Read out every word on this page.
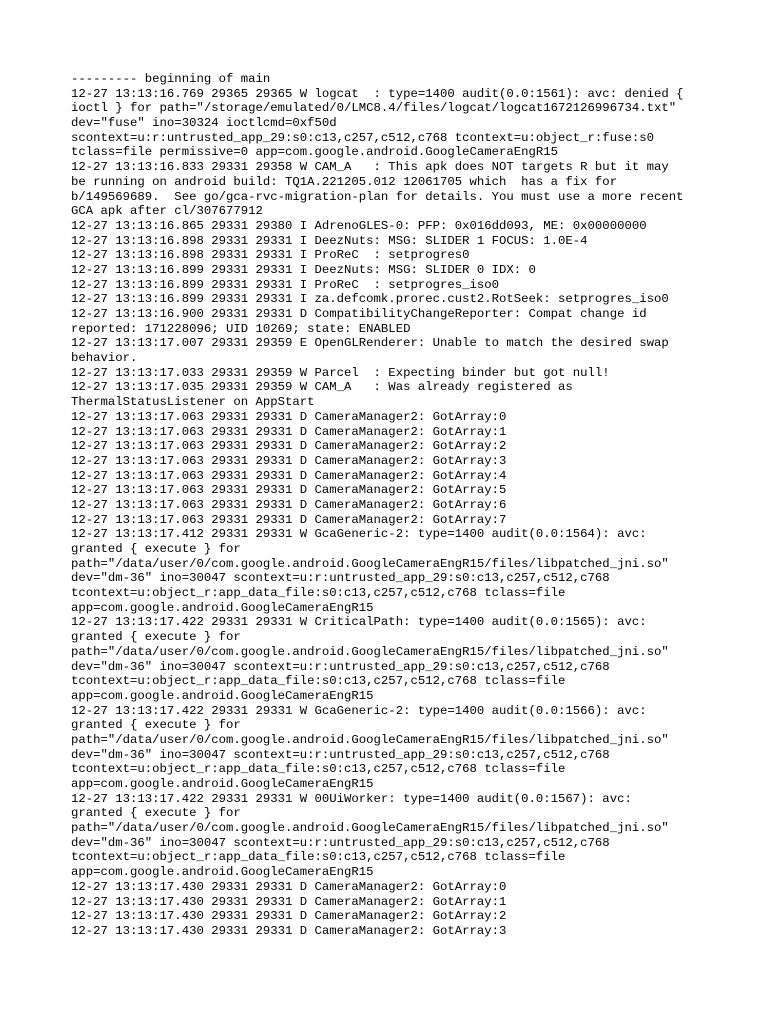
--------- beginning of main
12-27 13:13:16.769 29365 29365 W logcat  : type=1400 audit(0.0:1561): avc: denied {
ioctl } for path="/storage/emulated/0/LMC8.4/files/logcat/logcat1672126996734.txt"
dev="fuse" ino=30324 ioctlcmd=0xf50d
scontext=u:r:untrusted_app_29:s0:c13,c257,c512,c768 tcontext=u:object_r:fuse:s0
tclass=file permissive=0 app=com.google.android.GoogleCameraEngR15
12-27 13:13:16.833 29331 29358 W CAM_A   : This apk does NOT targets R but it may
be running on android build: TQ1A.221205.012 12061705 which  has a fix for
b/149569689.  See go/gca-rvc-migration-plan for details. You must use a more recent
GCA apk after cl/307677912
12-27 13:13:16.865 29331 29380 I AdrenoGLES-0: PFP: 0x016dd093, ME: 0x00000000
12-27 13:13:16.898 29331 29331 I DeezNuts: MSG: SLIDER 1 FOCUS: 1.0E-4
12-27 13:13:16.898 29331 29331 I ProReC  : setprogres0
12-27 13:13:16.899 29331 29331 I DeezNuts: MSG: SLIDER 0 IDX: 0
12-27 13:13:16.899 29331 29331 I ProReC  : setprogres_iso0
12-27 13:13:16.899 29331 29331 I za.defcomk.prorec.cust2.RotSeek: setprogres_iso0
12-27 13:13:16.900 29331 29331 D CompatibilityChangeReporter: Compat change id
reported: 171228096; UID 10269; state: ENABLED
12-27 13:13:17.007 29331 29359 E OpenGLRenderer: Unable to match the desired swap
behavior.
12-27 13:13:17.033 29331 29359 W Parcel  : Expecting binder but got null!
12-27 13:13:17.035 29331 29359 W CAM_A   : Was already registered as
ThermalStatusListener on AppStart
12-27 13:13:17.063 29331 29331 D CameraManager2: GotArray:0
12-27 13:13:17.063 29331 29331 D CameraManager2: GotArray:1
12-27 13:13:17.063 29331 29331 D CameraManager2: GotArray:2
12-27 13:13:17.063 29331 29331 D CameraManager2: GotArray:3
12-27 13:13:17.063 29331 29331 D CameraManager2: GotArray:4
12-27 13:13:17.063 29331 29331 D CameraManager2: GotArray:5
12-27 13:13:17.063 29331 29331 D CameraManager2: GotArray:6
12-27 13:13:17.063 29331 29331 D CameraManager2: GotArray:7
12-27 13:13:17.412 29331 29331 W GcaGeneric-2: type=1400 audit(0.0:1564): avc:
granted { execute } for
path="/data/user/0/com.google.android.GoogleCameraEngR15/files/libpatched_jni.so"
dev="dm-36" ino=30047 scontext=u:r:untrusted_app_29:s0:c13,c257,c512,c768
tcontext=u:object_r:app_data_file:s0:c13,c257,c512,c768 tclass=file
app=com.google.android.GoogleCameraEngR15
12-27 13:13:17.422 29331 29331 W CriticalPath: type=1400 audit(0.0:1565): avc:
granted { execute } for
path="/data/user/0/com.google.android.GoogleCameraEngR15/files/libpatched_jni.so"
dev="dm-36" ino=30047 scontext=u:r:untrusted_app_29:s0:c13,c257,c512,c768
tcontext=u:object_r:app_data_file:s0:c13,c257,c512,c768 tclass=file
app=com.google.android.GoogleCameraEngR15
12-27 13:13:17.422 29331 29331 W GcaGeneric-2: type=1400 audit(0.0:1566): avc:
granted { execute } for
path="/data/user/0/com.google.android.GoogleCameraEngR15/files/libpatched_jni.so"
dev="dm-36" ino=30047 scontext=u:r:untrusted_app_29:s0:c13,c257,c512,c768
tcontext=u:object_r:app_data_file:s0:c13,c257,c512,c768 tclass=file
app=com.google.android.GoogleCameraEngR15
12-27 13:13:17.422 29331 29331 W 00UiWorker: type=1400 audit(0.0:1567): avc:
granted { execute } for
path="/data/user/0/com.google.android.GoogleCameraEngR15/files/libpatched_jni.so"
dev="dm-36" ino=30047 scontext=u:r:untrusted_app_29:s0:c13,c257,c512,c768
tcontext=u:object_r:app_data_file:s0:c13,c257,c512,c768 tclass=file
app=com.google.android.GoogleCameraEngR15
12-27 13:13:17.430 29331 29331 D CameraManager2: GotArray:0
12-27 13:13:17.430 29331 29331 D CameraManager2: GotArray:1
12-27 13:13:17.430 29331 29331 D CameraManager2: GotArray:2
12-27 13:13:17.430 29331 29331 D CameraManager2: GotArray:3
